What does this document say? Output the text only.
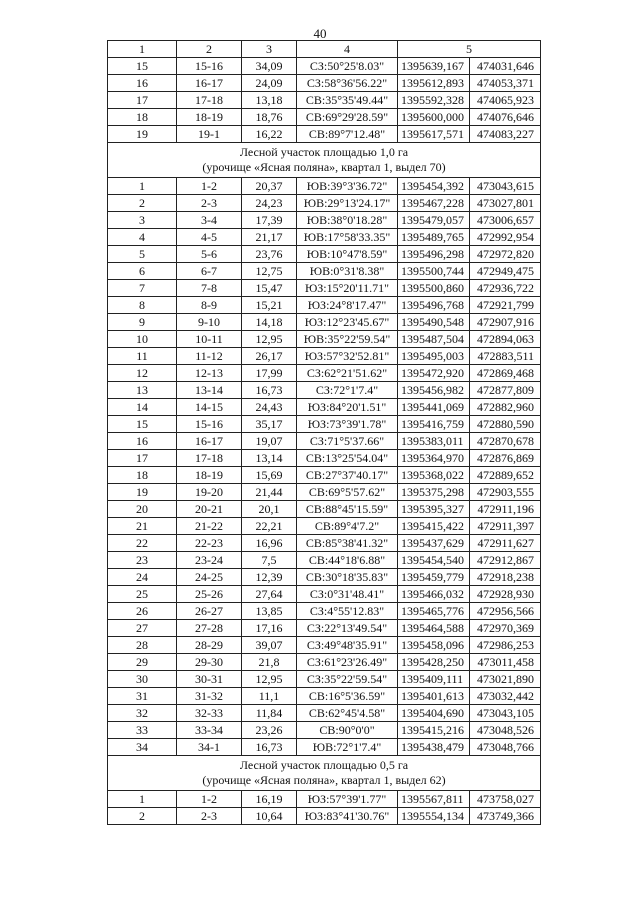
40
1	2	3	4	5	
15	15-16	34,09	СЗ:50°25'8.03"	1395639,167	474031,646
16	16-17	24,09	СЗ:58°36'56.22"	1395612,893	474053,371
17	17-18	13,18	СВ:35°35'49.44"	1395592,328	474065,923
18	18-19	18,76	СВ:69°29'28.59"	1395600,000	474076,646
19	19-1	16,22	СВ:89°7'12.48"	1395617,571	474083,227

Лесной участок площадью 1,0 га
(урочище «Ясная поляна», квартал 1, выдел 70)					

1	1-2	20,37	ЮВ:39°3'36.72"	1395454,392	473043,615
2	2-3	24,23	ЮВ:29°13'24.17"	1395467,228	473027,801
3	3-4	17,39	ЮВ:38°0'18.28"	1395479,057	473006,657
4	4-5	21,17	ЮВ:17°58'33.35"	1395489,765	472992,954
5	5-6	23,76	ЮВ:10°47'8.59"	1395496,298	472972,820
6	6-7	12,75	ЮВ:0°31'8.38"	1395500,744	472949,475
7	7-8	15,47	ЮЗ:15°20'11.71"	1395500,860	472936,722
8	8-9	15,21	ЮЗ:24°8'17.47"	1395496,768	472921,799
9	9-10	14,18	ЮЗ:12°23'45.67"	1395490,548	472907,916
10	10-11	12,95	ЮВ:35°22'59.54"	1395487,504	472894,063
11	11-12	26,17	ЮЗ:57°32'52.81"	1395495,003	472883,511
12	12-13	17,99	СЗ:62°21'51.62"	1395472,920	472869,468
13	13-14	16,73	СЗ:72°1'7.4"	1395456,982	472877,809
14	14-15	24,43	ЮЗ:84°20'1.51"	1395441,069	472882,960
15	15-16	35,17	ЮЗ:73°39'1.78"	1395416,759	472880,590
16	16-17	19,07	СЗ:71°5'37.66"	1395383,011	472870,678
17	17-18	13,14	СВ:13°25'54.04"	1395364,970	472876,869
18	18-19	15,69	СВ:27°37'40.17"	1395368,022	472889,652
19	19-20	21,44	СВ:69°5'57.62"	1395375,298	472903,555
20	20-21	20,1	СВ:88°45'15.59"	1395395,327	472911,196
21	21-22	22,21	СВ:89°4'7.2"	1395415,422	472911,397
22	22-23	16,96	СВ:85°38'41.32"	1395437,629	472911,627
23	23-24	7,5	СВ:44°18'6.88"	1395454,540	472912,867
24	24-25	12,39	СВ:30°18'35.83"	1395459,779	472918,238
25	25-26	27,64	СЗ:0°31'48.41"	1395466,032	472928,930
26	26-27	13,85	СЗ:4°55'12.83"	1395465,776	472956,566
27	27-28	17,16	СЗ:22°13'49.54"	1395464,588	472970,369
28	28-29	39,07	СЗ:49°48'35.91"	1395458,096	472986,253
29	29-30	21,8	СЗ:61°23'26.49"	1395428,250	473011,458
30	30-31	12,95	СЗ:35°22'59.54"	1395409,111	473021,890
31	31-32	11,1	СВ:16°5'36.59"	1395401,613	473032,442
32	32-33	11,84	СВ:62°45'4.58"	1395404,690	473043,105
33	33-34	23,26	СВ:90°0'0"	1395415,216	473048,526
34	34-1	16,73	ЮВ:72°1'7.4"	1395438,479	473048,766

Лесной участок площадью 0,5 га
(урочище «Ясная поляна», квартал 1, выдел 62)					

1	1-2	16,19	ЮЗ:57°39'1.77"	1395567,811	473758,027
2	2-3	10,64	ЮЗ:83°41'30.76"	1395554,134	473749,366
